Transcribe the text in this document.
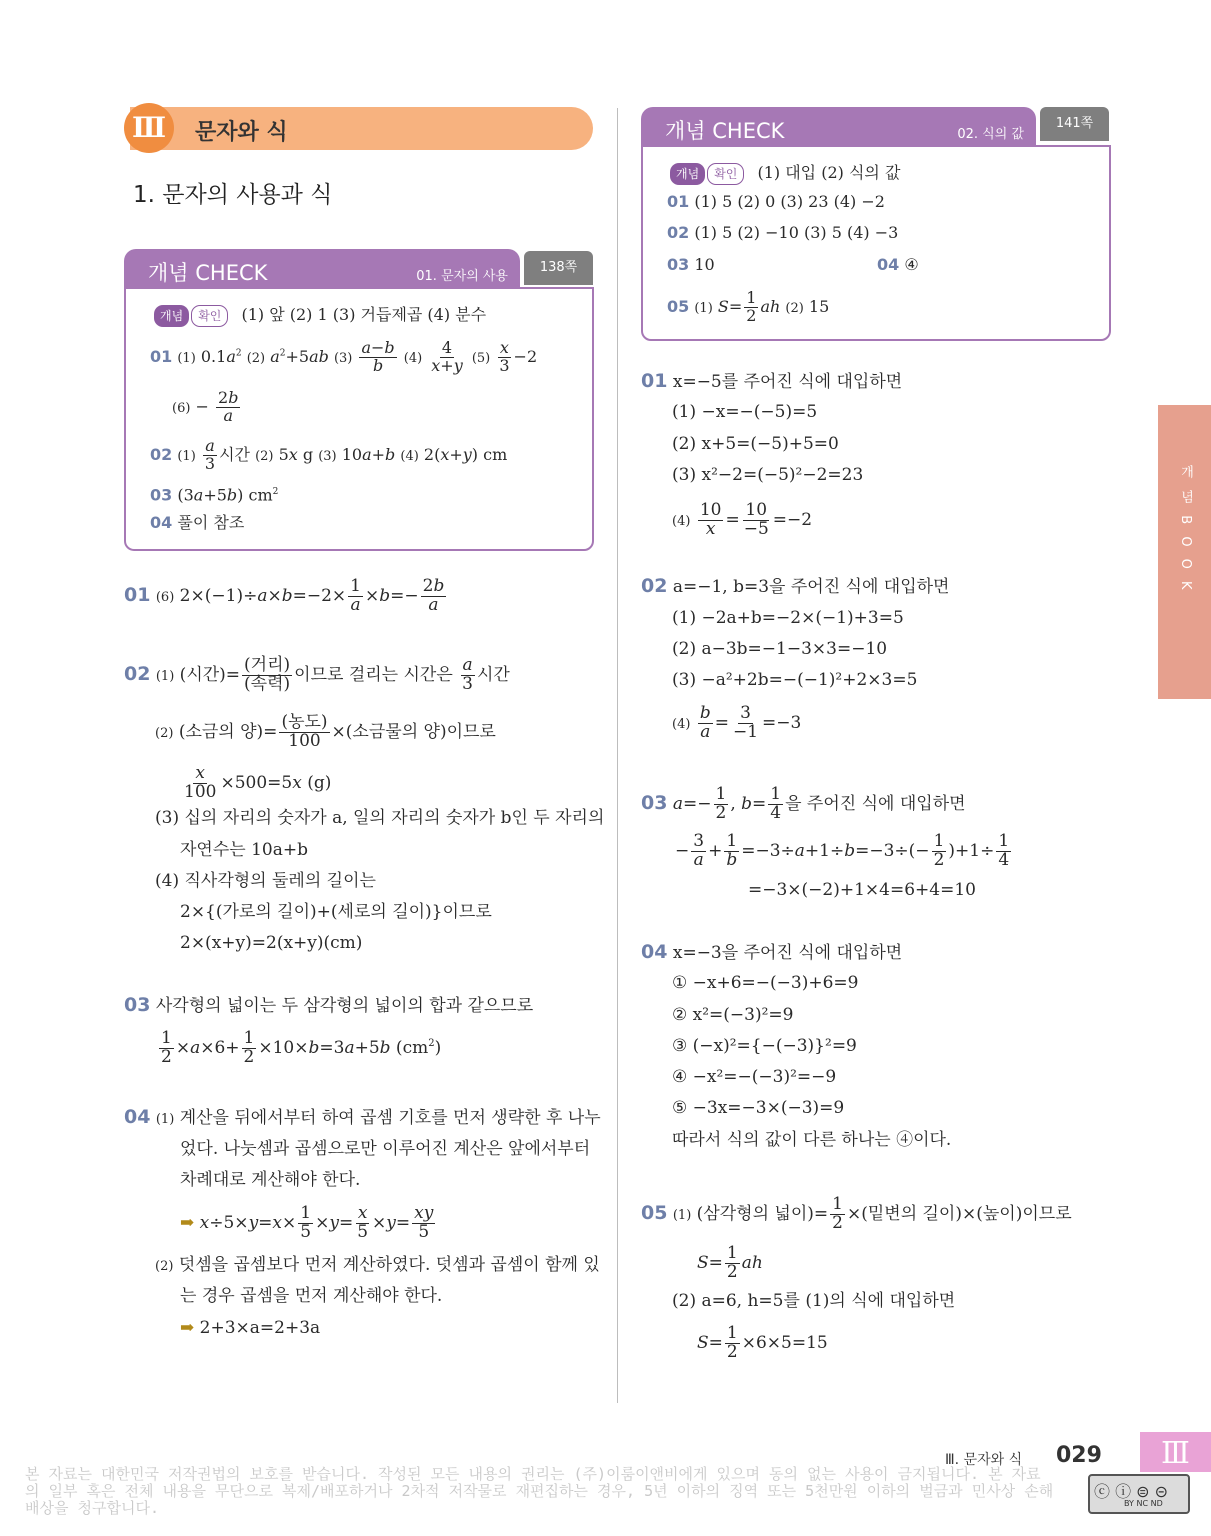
Ⅲ	문자와 식
1. 문자의 사용과 식
개념 CHECK	01. 문자의 사용
138쪽
개념 확인 (1) 앞 (2) 1 (3) 거듭제곱 (4) 분수
01 (1) $0.1a^2$ (2) $a^2+5ab$ $(3) \frac{a-b}{b} (4) \frac{4}{x+y} (5) \frac{x}{3} -2$
$(6) - \frac{2b}{a}$
02 $(1) \frac{a}{3}$ 시간 (2) 5x g (3) 10a+b (4) 2(x+y) cm
03 (3a+5b) $cm^2$
04 풀이 참조
01 (6) $2\times(-1)\div a\times b=-2\times \frac{1}{a} \times b=- \frac{2b}{a}$
02 (1) (시간)= $\frac{\text{(거리)}}{\text{(속력)}}$ 이므로 걸리는 시간은 $\frac{a}{3}$ 시간
(2) (소금의 양)= $\frac{\text{(농도)}}{100}$ ×(소금물의 양)이므로
$\frac{x}{100} \times 500=5x$ (g)
(3) 십의 자리의 숫자가 a, 일의 자리의 숫자가 b인 두 자리의
자연수는 10a+b
(4) 직사각형의 둘레의 길이는
2×{(가로의 길이)+(세로의 길이)}이므로
2×(x+y)=2(x+y)(cm)
03 사각형의 넓이는 두 삼각형의 넓이의 합과 같으므로
$\frac{1}{2} \times a\times 6+ \frac{1}{2} \times 10\times b=3a+5b$ $(cm^2)$
04 (1) 계산을 뒤에서부터 하여 곱셈 기호를 먼저 생략한 후 나누
었다. 나눗셈과 곱셈으로만 이루어진 계산은 앞에서부터
차례대로 계산해야 한다.
➡ $x\div 5\times y=x\times \frac{1}{5} \times y= \frac{x}{5} \times y= \frac{xy}{5}$
(2) 덧셈을 곱셈보다 먼저 계산하였다. 덧셈과 곱셈이 함께 있
는 경우 곱셈을 먼저 계산해야 한다.
➡ 2+3×a=2+3a
개념 CHECK	02. 식의 값
141쪽
개념 확인 (1) 대입 (2) 식의 값
01 (1) 5 (2) 0 (3) 23 (4) −2
02 (1) 5 (2) −10 (3) 5 (4) −3
03 10	04 ④
05 (1) $S= \frac{1}{2}$ ah (2) 15
01 x=−5를 주어진 식에 대입하면
(1) −x=−(−5)=5
(2) x+5=(−5)+5=0
(3) x²−2=(−5)²−2=23
$(4) \frac{10}{x} = \frac{10}{-5} =-2$
02 a=−1, b=3을 주어진 식에 대입하면
(1) −2a+b=−2×(−1)+3=5
(2) a−3b=−1−3×3=−10
(3) −a²+2b=−(−1)²+2×3=5
$(4) \frac{b}{a} = \frac{3}{-1} =-3$
03 $a=- \frac{1}{2}$ , $b= \frac{1}{4}$ 을 주어진 식에 대입하면
− $\frac{3}{a} + \frac{1}{b} =-3\div a+1\div b=-3\div(- \frac{1}{2} )+1\div \frac{1}{4}$
=−3×(−2)+1×4=6+4=10
04 x=−3을 주어진 식에 대입하면
① −x+6=−(−3)+6=9
② x²=(−3)²=9
③ (−x)²={−(−3)}²=9
④ −x²=−(−3)²=−9
⑤ −3x=−3×(−3)=9
따라서 식의 값이 다른 하나는 ④이다.
05 (1) (삼각형의 넓이)= $\frac{1}{2}$ ×(밑변의 길이)×(높이)이므로
$S= \frac{1}{2}$ ah
(2) a=6, h=5를 (1)의 식에 대입하면
$S= \frac{1}{2} \times 6\times 5=15$
개 념 B O O K
Ⅲ. 문자와 식 029	Ⅲ
본 자료는 대한민국 저작권법의 보호를 받습니다. 작성된 모든 내용의 권리는 (주)이룸이앤비에게 있으며 동의 없는 사용이 금지됩니다. 본 자료의 일부 혹은 전체 내용을 무단으로 복제/배포하거나 2차적 저작물로 재편집하는 경우, 5년 이하의 징역 또는 5천만원 이하의 벌금과 민사상 손해배상을 청구합니다.
ⓒ ⓘ ⊜ ⊝
BY NC ND
